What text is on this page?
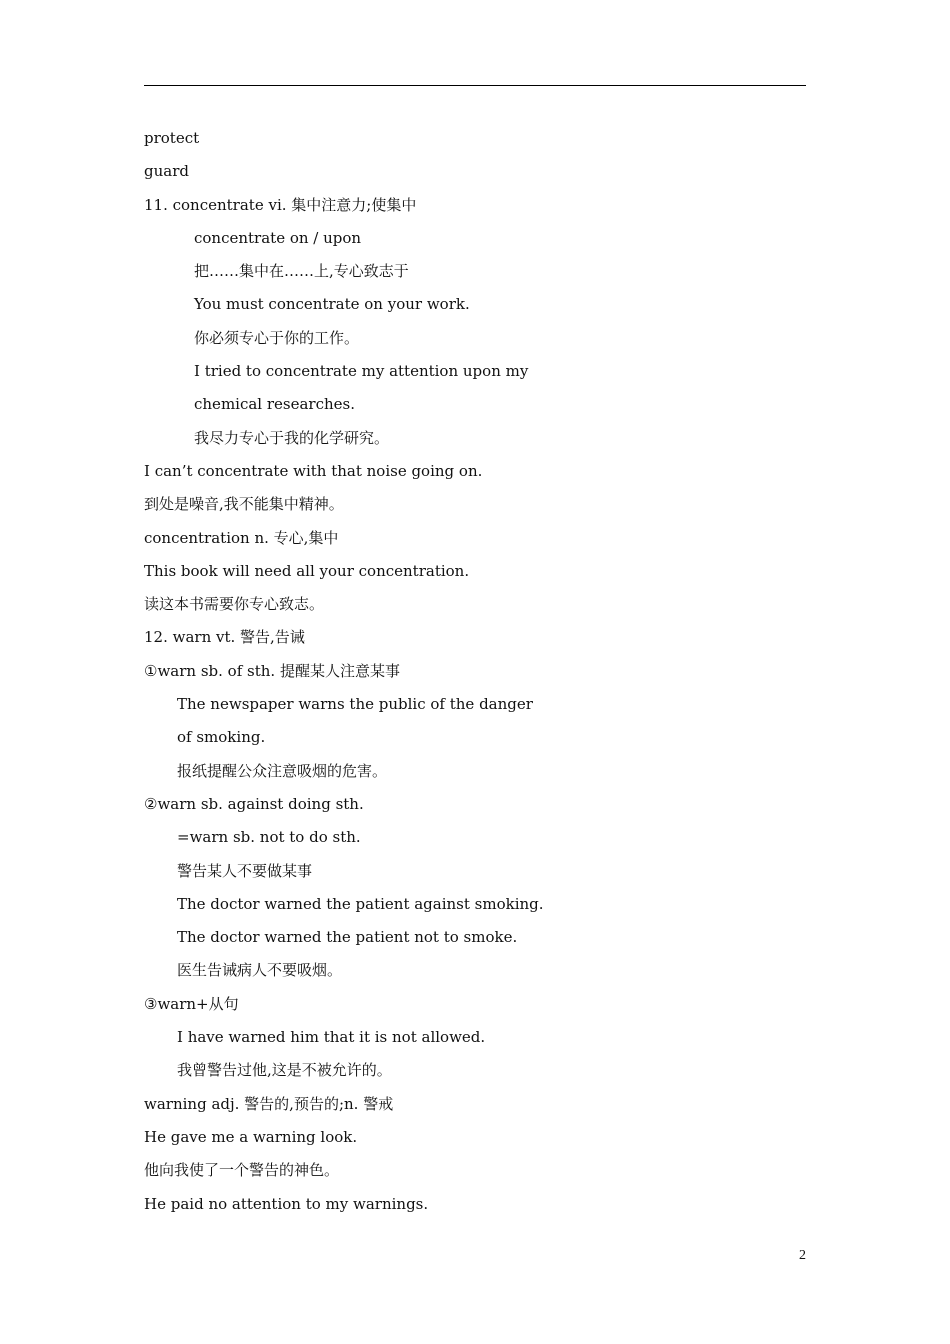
protect
guard
11. concentrate vi. 集中注意力;使集中
concentrate on / upon
把……集中在……上,专心致志于
You must concentrate on your work.
你必须专心于你的工作。
I tried to concentrate my attention upon my
chemical researches.
我尽力专心于我的化学研究。
I can’t concentrate with that noise going on.
到处是噪音,我不能集中精神。
concentration n. 专心,集中
This book will need all your concentration.
读这本书需要你专心致志。
12. warn vt. 警告,告诫
①warn sb. of sth. 提醒某人注意某事
The newspaper warns the public of the danger
of smoking.
报纸提醒公众注意吸烟的危害。
②warn sb. against doing sth.
=warn sb. not to do sth.
警告某人不要做某事
The doctor warned the patient against smoking.
The doctor warned the patient not to smoke.
医生告诫病人不要吸烟。
③warn+从句
I have warned him that it is not allowed.
我曾警告过他,这是不被允许的。
warning adj. 警告的,预告的;n. 警戒
He gave me a warning look.
他向我使了一个警告的神色。
He paid no attention to my warnings.
2
